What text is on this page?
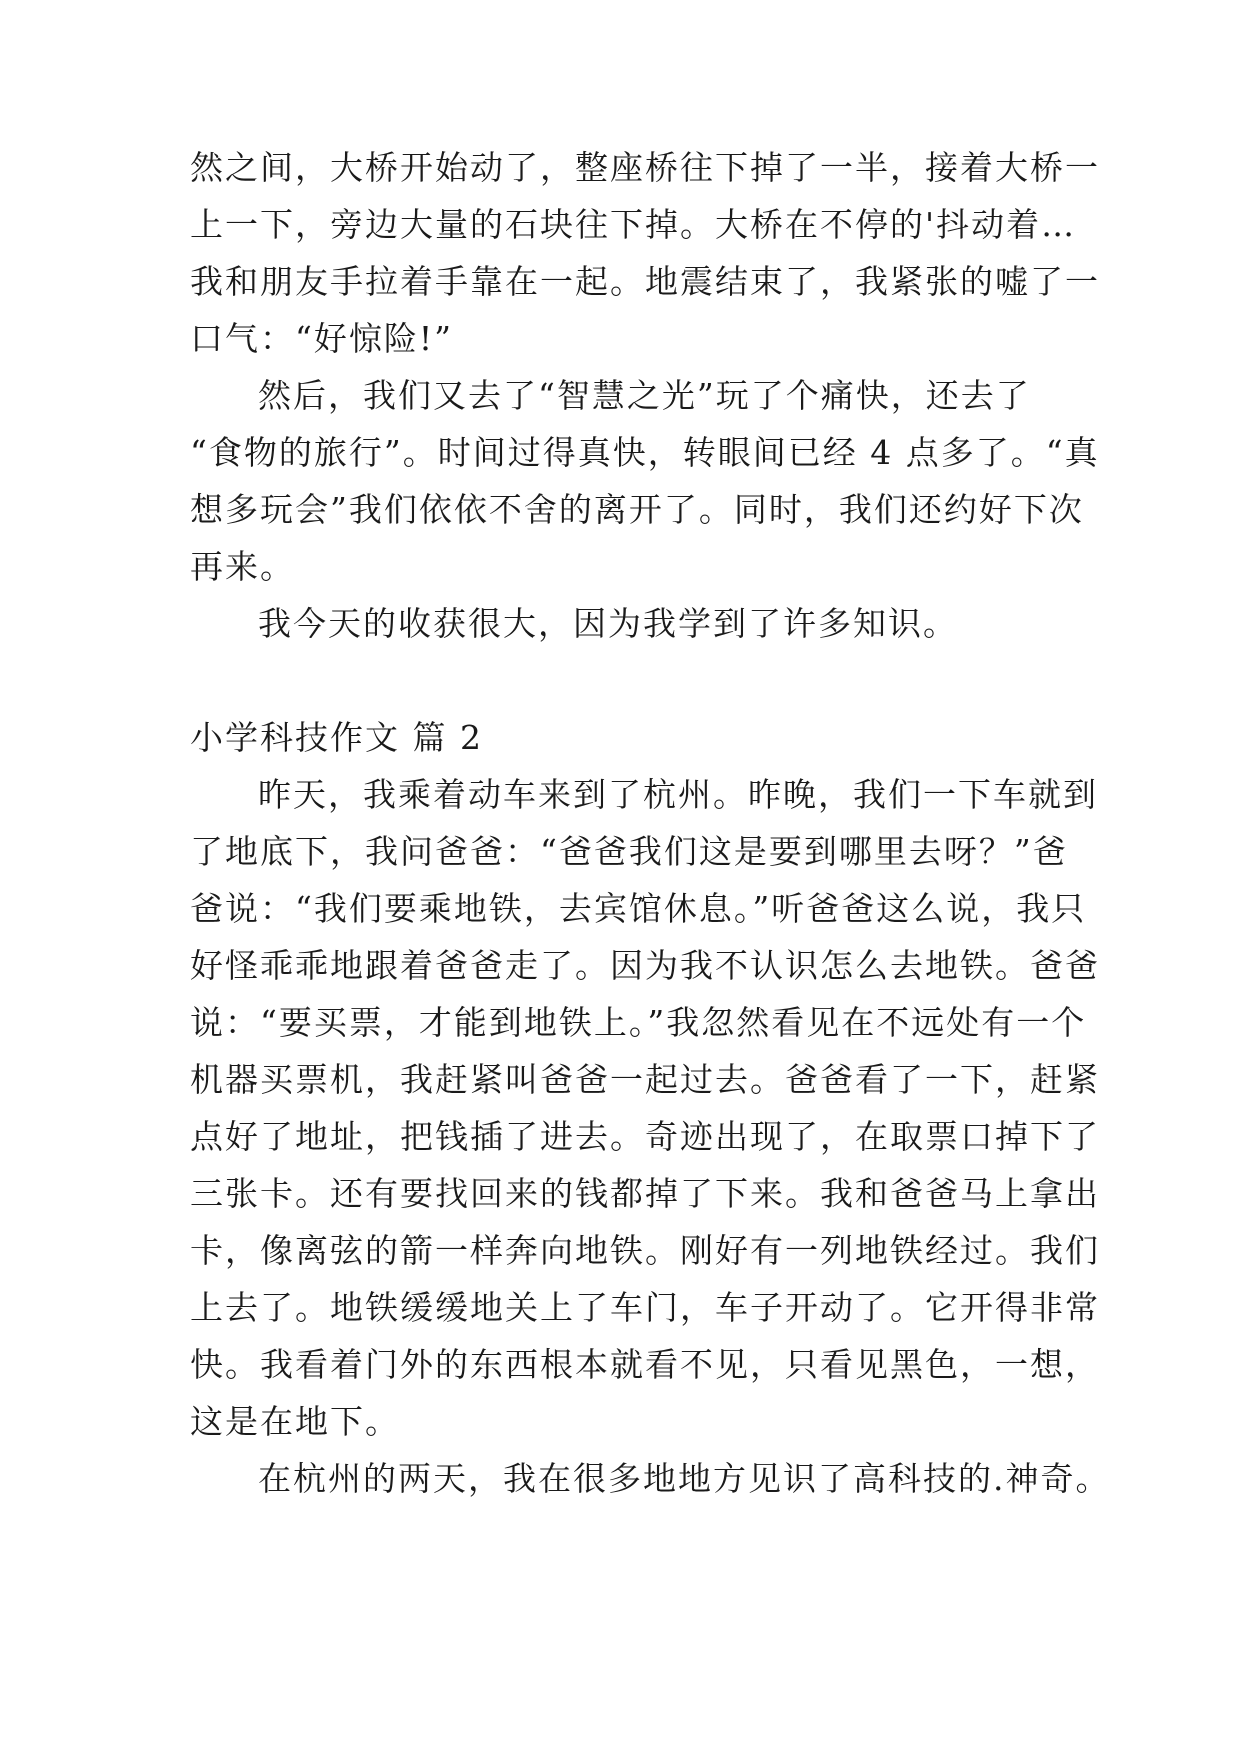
然之间，大桥开始动了，整座桥往下掉了一半，接着大桥一
上一下，旁边大量的石块往下掉。大桥在不停的'抖动着…
我和朋友手拉着手靠在一起。地震结束了，我紧张的嘘了一
口气：“好惊险!”
然后，我们又去了“智慧之光”玩了个痛快，还去了
“食物的旅行”。时间过得真快，转眼间已经 4 点多了。“真
想多玩会”我们依依不舍的离开了。同时，我们还约好下次
再来。
我今天的收获很大，因为我学到了许多知识。
小学科技作文 篇 2
昨天，我乘着动车来到了杭州。昨晚，我们一下车就到
了地底下，我问爸爸：“爸爸我们这是要到哪里去呀？”爸
爸说：“我们要乘地铁，去宾馆休息。”听爸爸这么说，我只
好怪乖乖地跟着爸爸走了。因为我不认识怎么去地铁。爸爸
说：“要买票，才能到地铁上。”我忽然看见在不远处有一个
机器买票机，我赶紧叫爸爸一起过去。爸爸看了一下，赶紧
点好了地址，把钱插了进去。奇迹出现了，在取票口掉下了
三张卡。还有要找回来的钱都掉了下来。我和爸爸马上拿出
卡，像离弦的箭一样奔向地铁。刚好有一列地铁经过。我们
上去了。地铁缓缓地关上了车门，车子开动了。它开得非常
快。我看着门外的东西根本就看不见，只看见黑色，一想，
这是在地下。
在杭州的两天，我在很多地地方见识了高科技的.神奇。
